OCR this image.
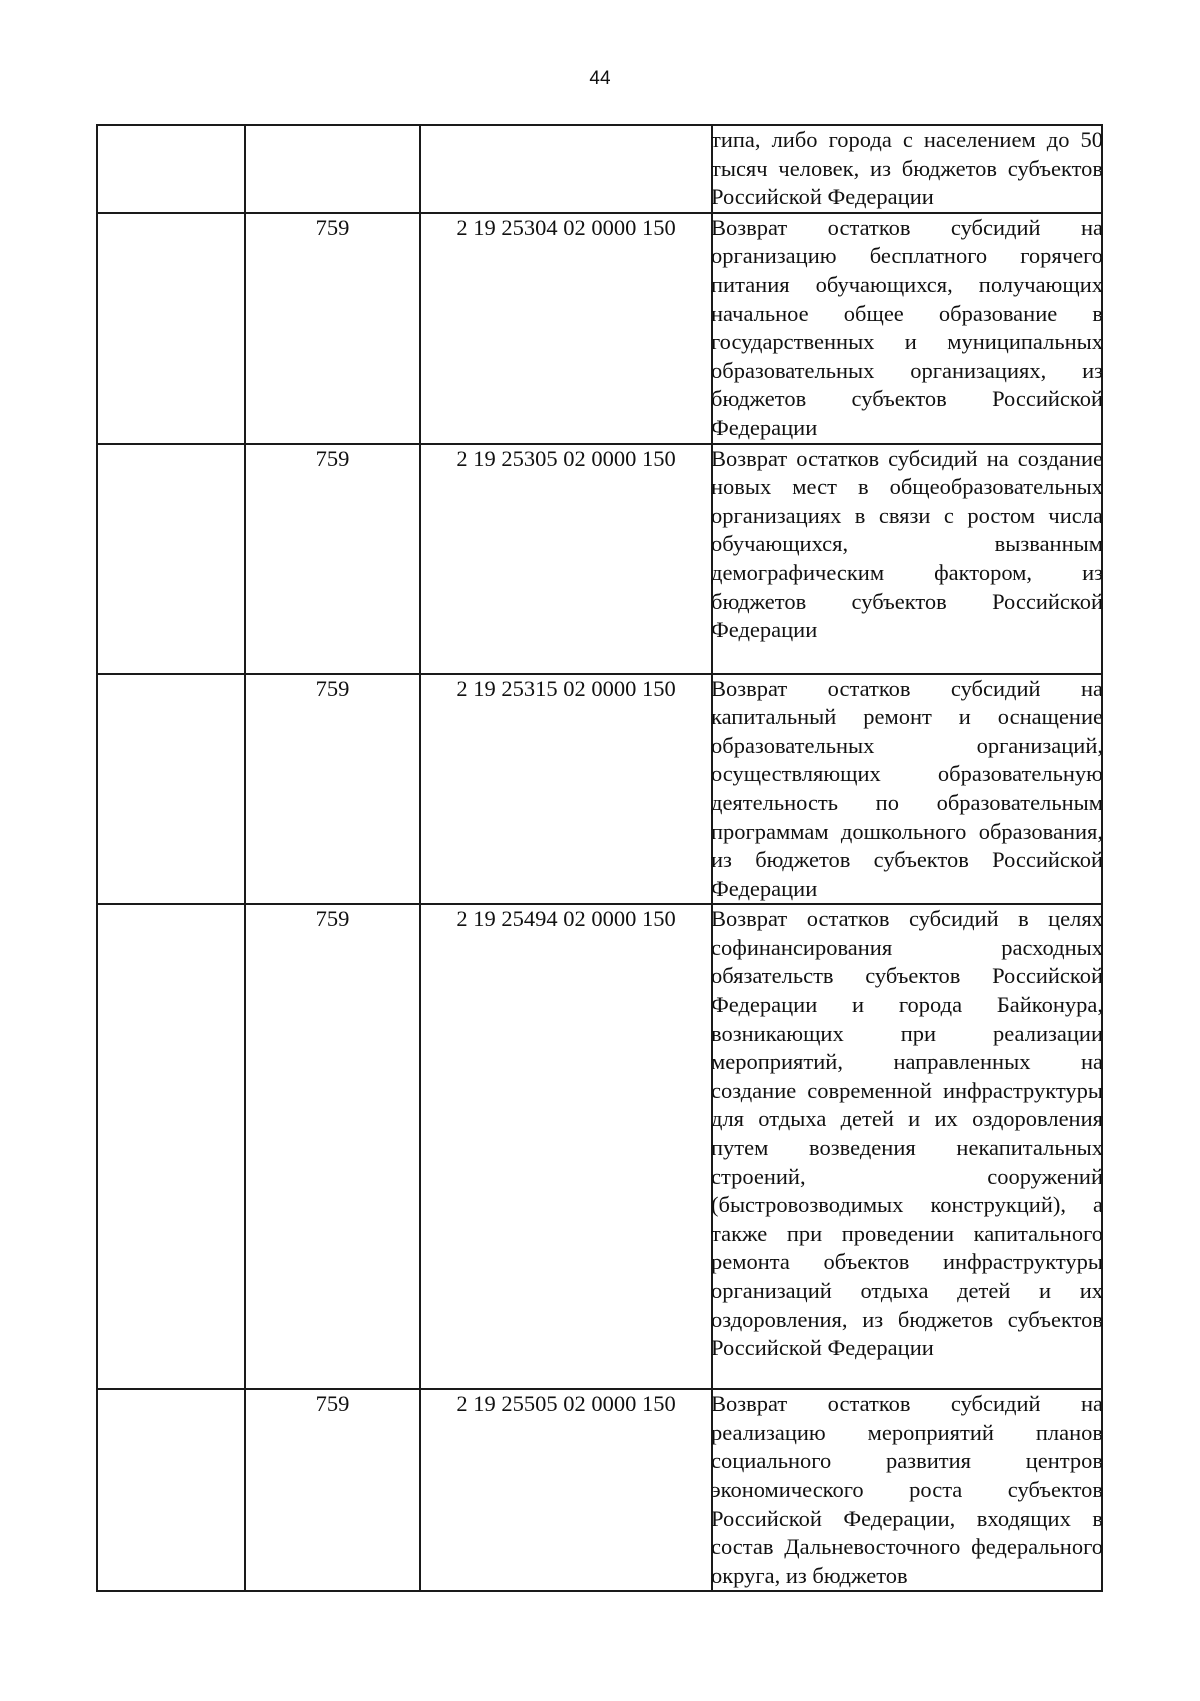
44

			типа, либо города с населением до 50 тысяч человек, из бюджетов субъектов Российской Федерации

	759	2 19 25304 02 0000 150	Возврат остатков субсидий на организацию бесплатного горячего питания обучающихся, получающих начальное общее образование в государственных и муниципальных образовательных организациях, из бюджетов субъектов Российской Федерации

	759	2 19 25305 02 0000 150	Возврат остатков субсидий на создание новых мест в общеобразовательных организациях в связи с ростом числа обучающихся, вызванным демографическим фактором, из бюджетов субъектов Российской Федерации

	759	2 19 25315 02 0000 150	Возврат остатков субсидий на капитальный ремонт и оснащение образовательных организаций, осуществляющих образовательную деятельность по образовательным программам дошкольного образования, из бюджетов субъектов Российской Федерации

	759	2 19 25494 02 0000 150	Возврат остатков субсидий в целях софинансирования расходных обязательств субъектов Российской Федерации и города Байконура, возникающих при реализации мероприятий, направленных на создание современной инфраструктуры для отдыха детей и их оздоровления путем возведения некапитальных строений, сооружений (быстровозводимых конструкций), а также при проведении капитального ремонта объектов инфраструктуры организаций отдыха детей и их оздоровления, из бюджетов субъектов Российской Федерации

	759	2 19 25505 02 0000 150	Возврат остатков субсидий на реализацию мероприятий планов социального развития центров экономического роста субъектов Российской Федерации, входящих в состав Дальневосточного федерального округа, из бюджетов
